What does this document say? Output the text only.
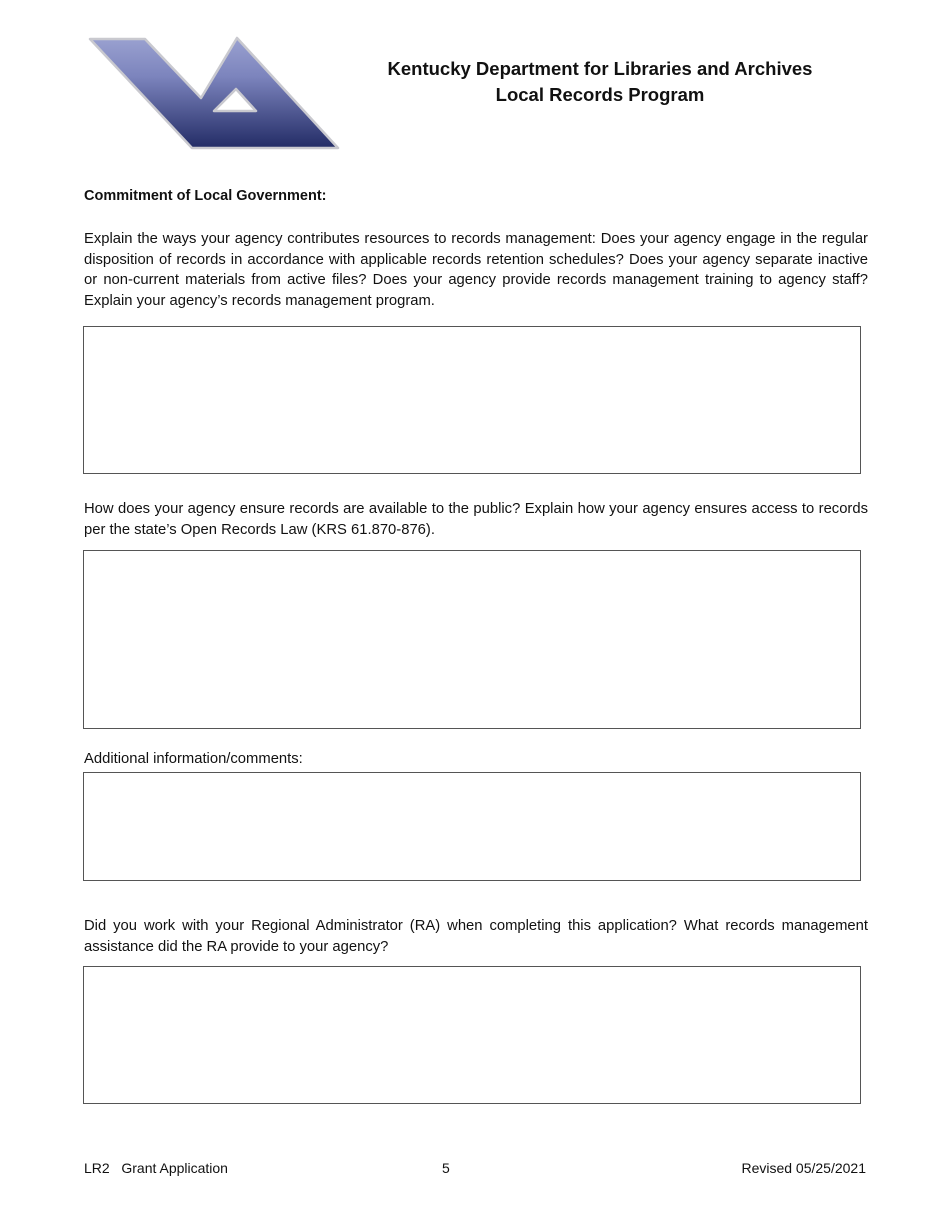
Kentucky Department for Libraries and Archives
Local Records Program
Commitment of Local Government:
Explain the ways your agency contributes resources to records management: Does your agency engage in the regular disposition of records in accordance with applicable records retention schedules? Does your agency separate inactive or non-current materials from active files? Does your agency provide records management training to agency staff? Explain your agency’s records management program.
How does your agency ensure records are available to the public? Explain how your agency ensures access to records per the state’s Open Records Law (KRS 61.870-876).
Additional information/comments:
Did you work with your Regional Administrator (RA) when completing this application? What records management assistance did the RA provide to your agency?
LR2   Grant Application	5	Revised 05/25/2021
